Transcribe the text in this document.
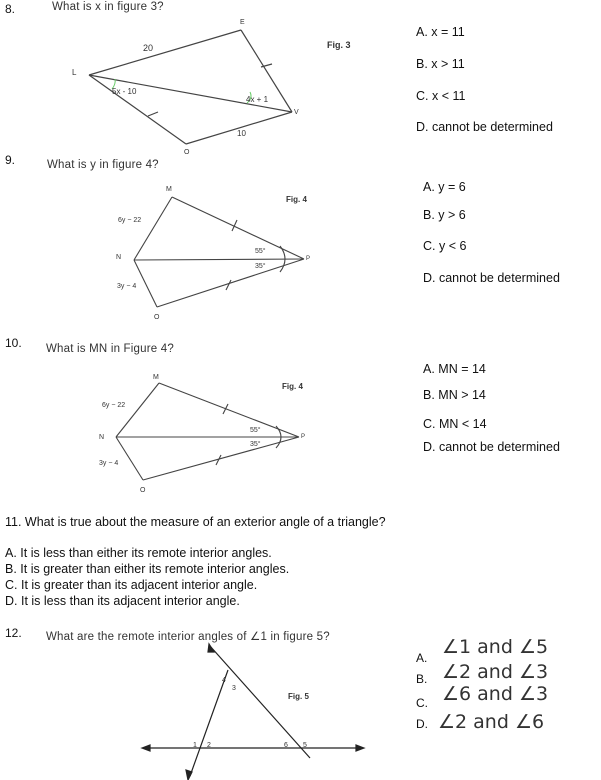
8.	What is x in figure 3?
L
E
V
O
20
10
5x - 10
4x + 1
Fig. 3
A. x = 11
B. x > 11
C. x < 11
D. cannot be determined
9.	What is y in figure 4?
M
N	P
O
6y − 22
3y − 4
55°
35°
Fig. 4
A. y = 6
B. y > 6
C. y < 6
D. cannot be determined
10. What is MN in Figure 4?
M
N	P
O
6y − 22
3y − 4
55°
35°
Fig. 4
A. MN = 14
B. MN > 14
C. MN < 14
D. cannot be determined
11. What is true about the measure of an exterior angle of a triangle?
A. It is less than either its remote interior angles.
B. It is greater than either its remote interior angles.
C. It is greater than its adjacent interior angle.
D. It is less than its adjacent interior angle.
12. What are the remote interior angles of ∠1 in figure 5?
1 2
3
4
5
6
Fig. 5
A. ∠1 and ∠5
B. ∠2 and ∠3
C. ∠6 and ∠3
D. ∠2 and ∠6
